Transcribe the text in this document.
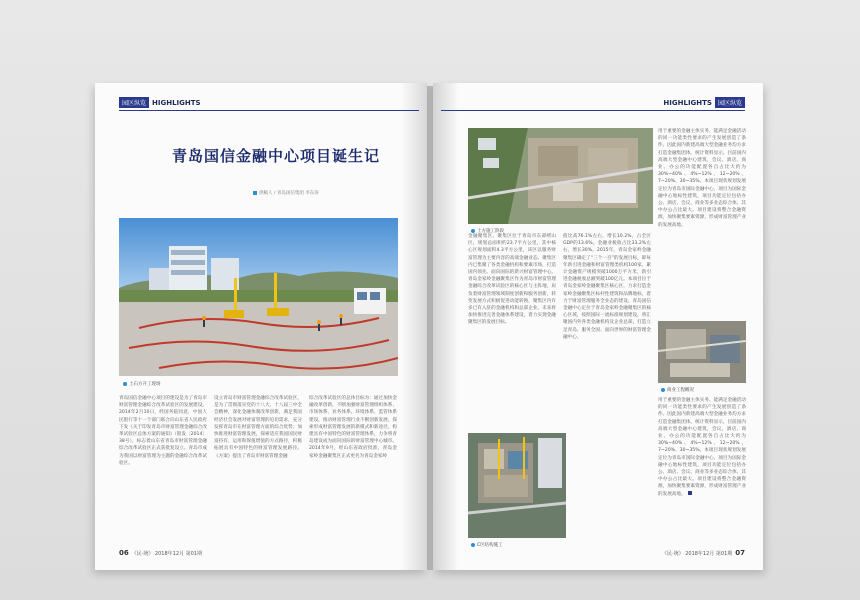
园区纵览 HIGHLIGHTS
青岛国信金融中心项目诞生记
供稿人 / 青岛国信集团 李东涛
土石方开工现场
青岛国信金融中心项目的建设是为了青岛市财富管理金融综合改革试验区的发展建设。2014年2月10日，经国务院同意，中国人民银行等十一个部门联合向山东省人民政府下发《关于印发青岛市财富管理金融综合改革试验区总体方案的通知》（银发〔2014〕38号），标志着山东省青岛市财富管理金融综合改革试验区正式获批复设立。青岛市成为我国以财富管理为主题的金融综合改革试验区。
设立青岛市财富管理金融综合改革试验区，是为了贯彻落实党的十八大、十八届三中全会精神，深化金融体制改革创新，满足我国经济社会发展对财富管理的迫切需求，充分发挥青岛市在财富管理方面的综合优势；加快推进财富管理发展，探索适应我国国民财富持有、运用和保值增值的方式路径，积极拓展具有中国特色的财富管理发展路径。《方案》提出了青岛市财富管理金融
综合改革试验区的总体目标为：通过加快金融改革创新，不断加强财富管理组织体系、市场体系、业务体系、环境体系、监管体系建设，推动财富管理行业不断创新发展，探索形成财富管理发展的新模式和新途径，构建具有中国特色的财富管理体系，力争将青岛建设成为面向国际的财富管理中心城市。2014年9月，经山东省政府批准，青岛金家岭金融聚集区正式更名为青岛金家岭
06 《民·统》 2018年12月 第01期
HIGHLIGHTS	园区纵览
土方施工阶段
商业工程概况
C区结构施工
金融聚集区。聚集区位于青岛市东部崂山区，规划总面积约23.7平方公里，其中核心区规划面积4.3平方公里，该区以服务财富管理为主要内容的高端金融业态。聚集区内已集聚了各类金融机构和要素市场，打造国内领先、面向国际的新兴财富管理中心。青岛金家岭金融聚集区作为青岛市财富管理金融综合改革试验区的核心区与主阵地，肩负着财富管理领域制度创新和服务创新，转变发展方式积极促进动能转换，聚集区内许多已有入驻的金融机构和总部企业。未来将加快推进完善金融体系建设，着力实现金融聚集区的发展目标。
值比高76.1%左右，增长10.2%，占全区GDP的13.6%。金融业税收占比33.2%左右，增长30%。2015年，青岛金家岭金融聚集区确定了“三个一百”的发展目标，即每年新引进金融和财富管理类机构100家、累计金融资产规模突破1000万平方米，新引进金融税收总额突破100亿元。本项目位于青岛金家岭金融聚集区核心区，力求打造金家岭金融聚集区标杆性建筑和品牌地标，着力于财富管理服务全业态的建设。青岛国信金融中心定位于青岛金家岭金融聚集区的核心区域，按照国际一流标准规划建设，将汇聚国内外各类金融机构及企业总部，打造立足青岛、服务全国、面向世界的财富管理金融中心。
用于重要的金融主体实务、能满足金融活动的同一功能类性要求的产生发展创造了条件。因此国内新建高端大型金融业务均方求打造金融集团体。统计资料显示，目前国内高端大型金融中心建筑，会议、酒店、商业、办公的功能配置各自占比大约为30%~40%、4%~12%、12~20%、7~20%、30~35%。本项目现状规划发展定位为青岛市国际金融中心，项目为国际金融中心地标性建筑，项目功能定位包括办公、酒店、会议、商业等多业态综合体，其中办公占比最大。项目建设将整合金融资源，加快聚集要素资源，形成财富管理产业的发展高地。
用于重要的金融主体实务、能满足金融活动的同一功能类性要求的产生发展创造了条件。因此国内新建高端大型金融业务均方求打造金融集团体。统计资料显示，目前国内高端大型金融中心建筑，会议、酒店、商业、办公的功能配置各自占比大约为30%~40%、4%~12%、12~20%、7~20%、30~35%。本项目现状规划发展定位为青岛市国际金融中心，项目为国际金融中心地标性建筑，项目功能定位包括办公、酒店、会议、商业等多业态综合体，其中办公占比最大。项目建设将整合金融资源，加快聚集要素资源，形成财富管理产业的发展高地。
《民·统》 2018年12月 第01期 07
